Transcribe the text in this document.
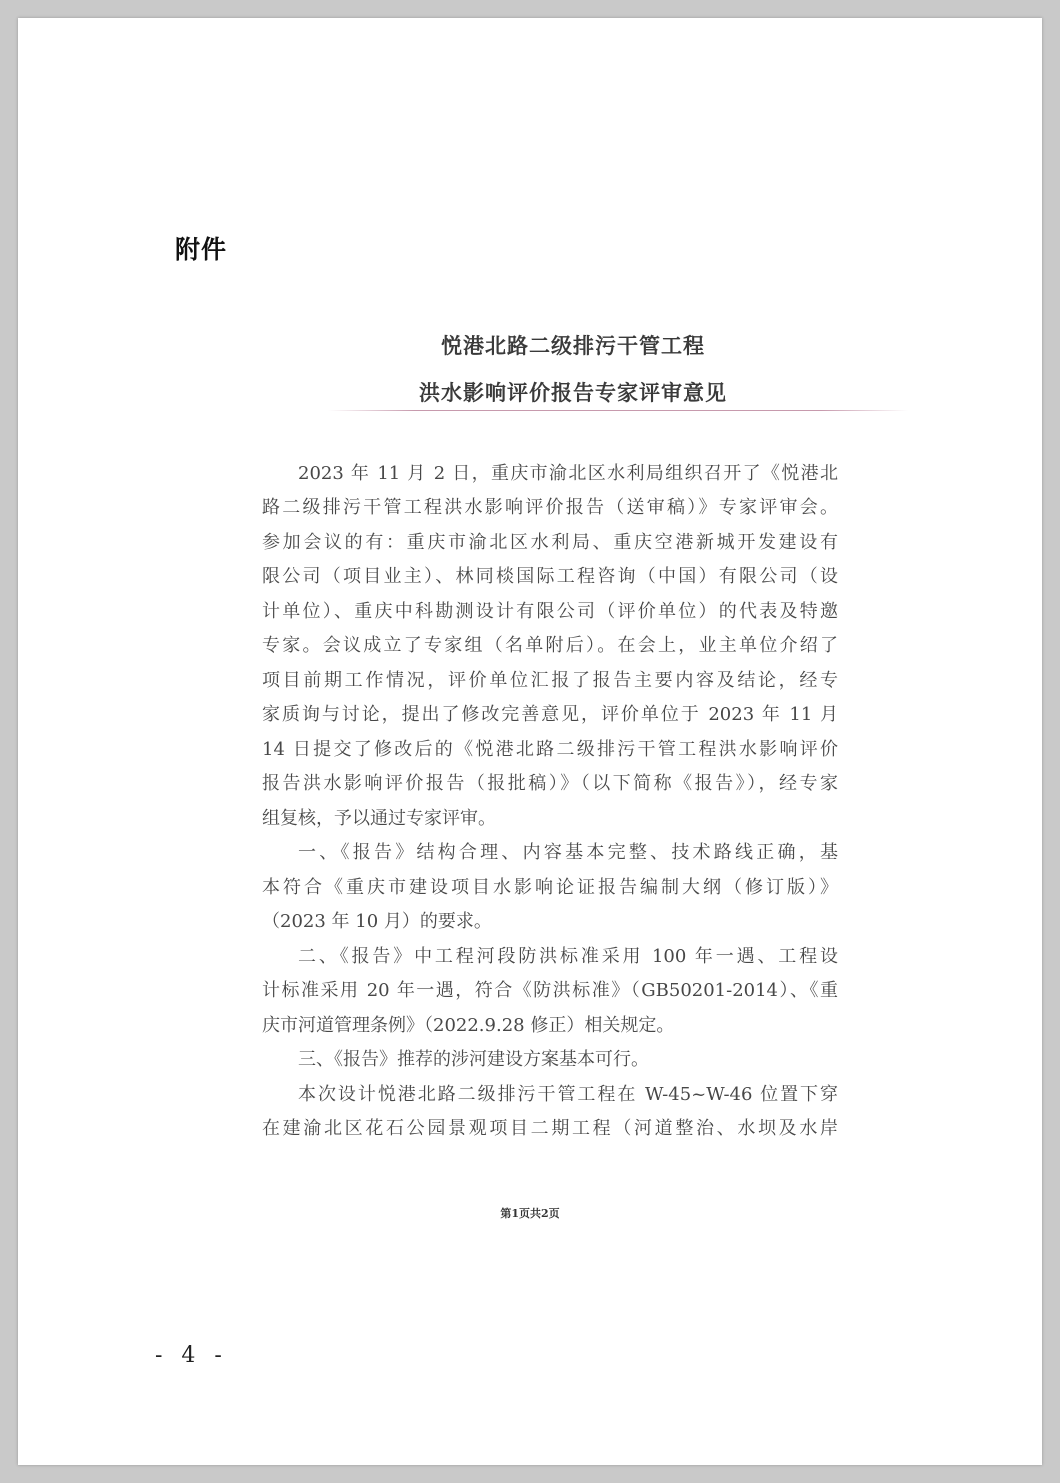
附件
悦港北路二级排污干管工程
洪水影响评价报告专家评审意见
2023 年 11 月 2 日，重庆市渝北区水利局组织召开了《悦港北
路二级排污干管工程洪水影响评价报告（送审稿）》专家评审会。
参加会议的有：重庆市渝北区水利局、重庆空港新城开发建设有
限公司（项目业主）、林同棪国际工程咨询（中国）有限公司（设
计单位）、重庆中科勘测设计有限公司（评价单位）的代表及特邀
专家。会议成立了专家组（名单附后）。在会上，业主单位介绍了
项目前期工作情况，评价单位汇报了报告主要内容及结论，经专
家质询与讨论，提出了修改完善意见，评价单位于 2023 年 11 月
14 日提交了修改后的《悦港北路二级排污干管工程洪水影响评价
报告洪水影响评价报告（报批稿）》（以下简称《报告》），经专家
组复核，予以通过专家评审。
一、《报告》结构合理、内容基本完整、技术路线正确，基
本符合《重庆市建设项目水影响论证报告编制大纲（修订版）》
（2023 年 10 月）的要求。
二、《报告》中工程河段防洪标准采用 100 年一遇、工程设
计标准采用 20 年一遇，符合《防洪标准》（GB50201-2014）、《重
庆市河道管理条例》（2022.9.28 修正）相关规定。
三、《报告》推荐的涉河建设方案基本可行。
本次设计悦港北路二级排污干管工程在 W-45~W-46 位置下穿
在建渝北区花石公园景观项目二期工程（河道整治、水坝及水岸
第1页共2页
- 4 -
